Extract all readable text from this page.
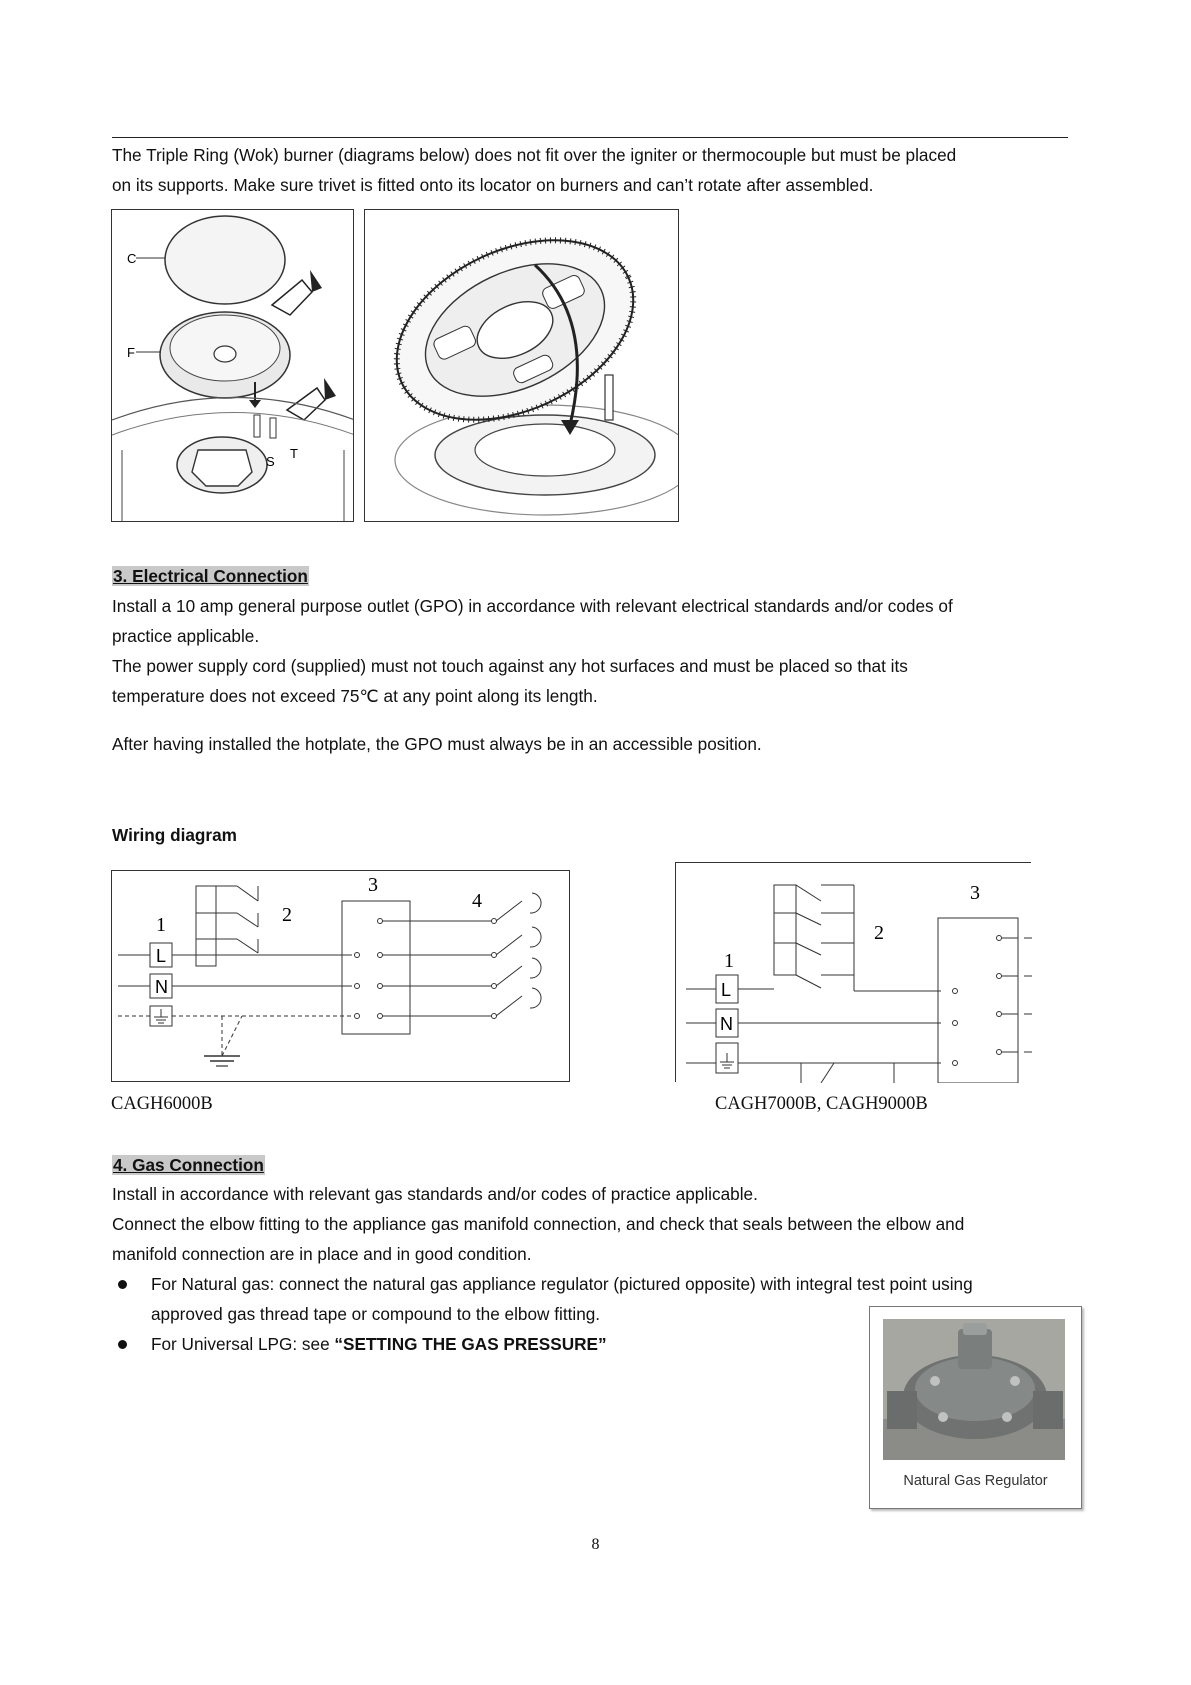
The Triple Ring (Wok) burner (diagrams below) does not fit over the igniter or thermocouple but must be placed
on its supports. Make sure trivet is fitted onto its locator on burners and can’t rotate after assembled.
C
F
S
T
3. Electrical Connection
Install a 10 amp general purpose outlet (GPO) in accordance with relevant electrical standards and/or codes of
practice applicable.
The power supply cord (supplied) must not touch against any hot surfaces and must be placed so that its
temperature does not exceed 75℃ at any point along its length.
After having installed the hotplate, the GPO must always be in an accessible position.
Wiring diagram
1	2
3
4
L
N
CAGH6000B
1
2
3
L
N
CAGH7000B, CAGH9000B
4. Gas Connection
Install in accordance with relevant gas standards and/or codes of practice applicable.
Connect the elbow fitting to the appliance gas manifold connection, and check that seals between the elbow and
manifold connection are in place and in good condition.
For Natural gas: connect the natural gas appliance regulator (pictured opposite) with integral test point using
approved gas thread tape or compound to the elbow fitting.
For Universal LPG: see “SETTING THE GAS PRESSURE”
Natural Gas Regulator
8
